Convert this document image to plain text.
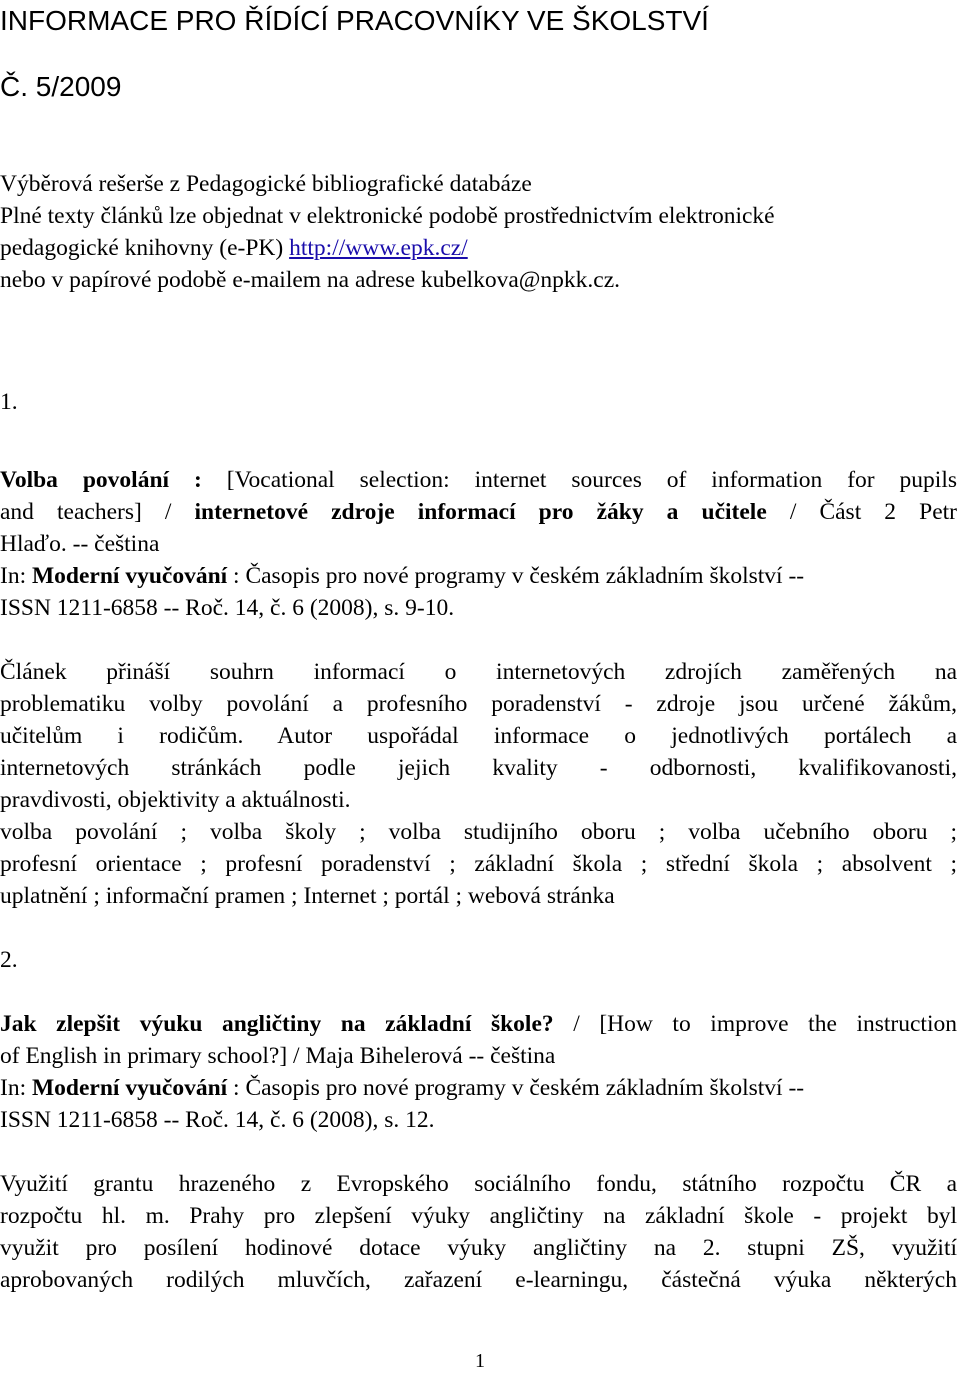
INFORMACE PRO ŘÍDÍCÍ PRACOVNÍKY VE ŠKOLSTVÍ
Č. 5/2009
Výběrová rešerše z Pedagogické bibliografické databáze
Plné texty článků lze objednat v elektronické podobě prostřednictvím elektronické
pedagogické knihovny (e-PK) http://www.epk.cz/
nebo v papírové podobě e-mailem na adrese kubelkova@npkk.cz.
1.
Volba povolání : [Vocational selection: internet sources of information for pupils
and teachers] / internetové zdroje informací pro žáky a učitele / Část 2 Petr
Hlaďo. -- čeština
In: Moderní vyučování : Časopis pro nové programy v českém základním školství --
ISSN 1211-6858 -- Roč. 14, č. 6 (2008), s. 9-10.
Článek přináší souhrn informací o internetových zdrojích zaměřených na
problematiku volby povolání a profesního poradenství - zdroje jsou určené žákům,
učitelům i rodičům. Autor uspořádal informace o jednotlivých portálech a
internetových stránkách podle jejich kvality - odbornosti, kvalifikovanosti,
pravdivosti, objektivity a aktuálnosti.
volba povolání ; volba školy ; volba studijního oboru ; volba učebního oboru ;
profesní orientace ; profesní poradenství ; základní škola ; střední škola ; absolvent ;
uplatnění ; informační pramen ; Internet ; portál ; webová stránka
2.
Jak zlepšit výuku angličtiny na základní škole? / [How to improve the instruction
of English in primary school?] / Maja Bihelerová -- čeština
In: Moderní vyučování : Časopis pro nové programy v českém základním školství --
ISSN 1211-6858 -- Roč. 14, č. 6 (2008), s. 12.
Využití grantu hrazeného z Evropského sociálního fondu, státního rozpočtu ČR a
rozpočtu hl. m. Prahy pro zlepšení výuky angličtiny na základní škole - projekt byl
využit pro posílení hodinové dotace výuky angličtiny na 2. stupni ZŠ, využití
aprobovaných rodilých mluvčích, zařazení e-learningu, částečná výuka některých
1
